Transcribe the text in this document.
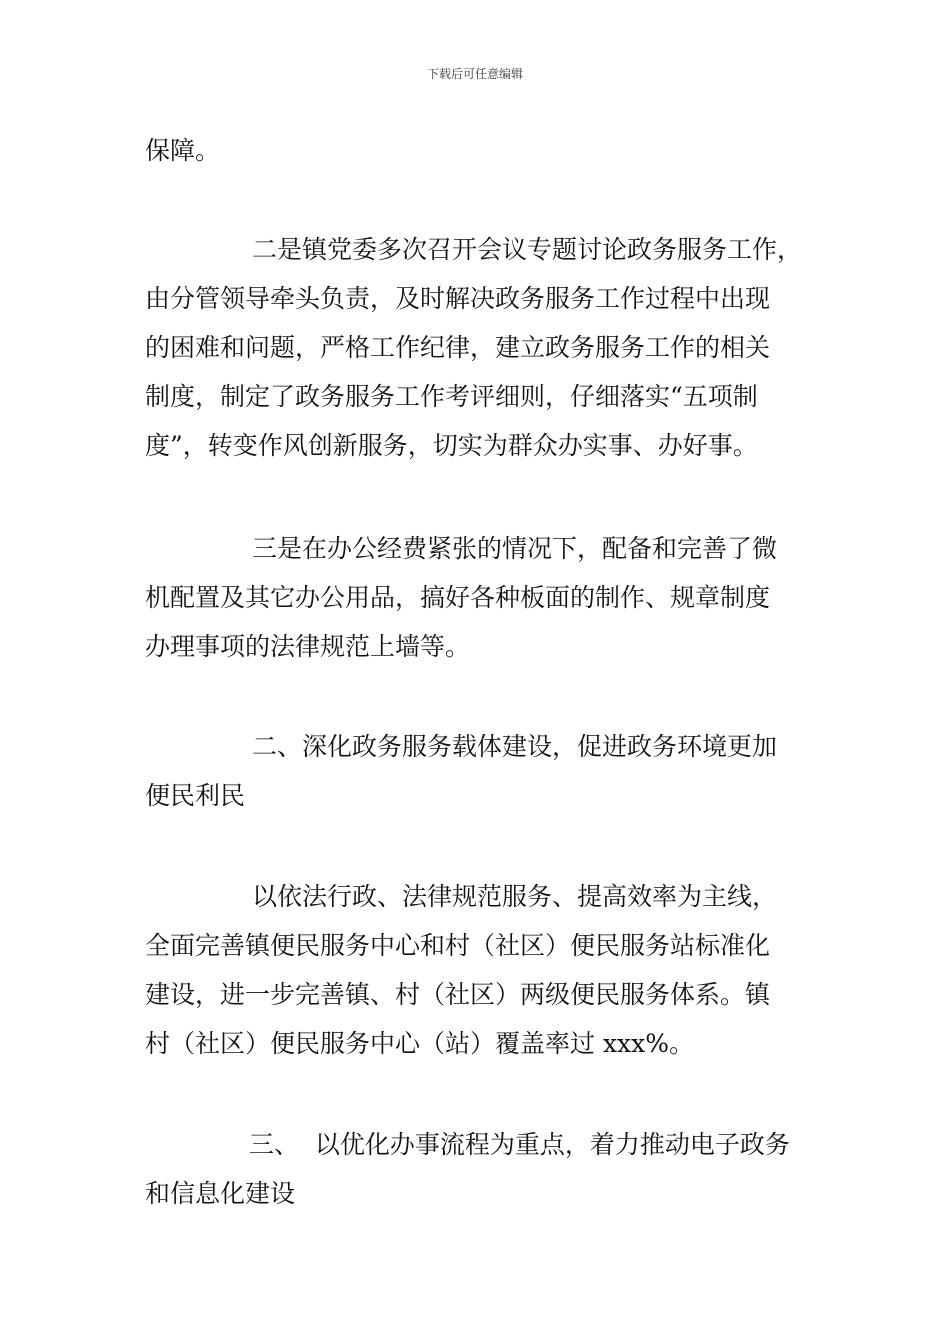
下载后可任意编辑
保障。
二是镇党委多次召开会议专题讨论政务服务工作，
由分管领导牵头负责，及时解决政务服务工作过程中出现
的困难和问题，严格工作纪律，建立政务服务工作的相关
制度，制定了政务服务工作考评细则，仔细落实“五项制
度”，转变作风创新服务，切实为群众办实事、办好事。
三是在办公经费紧张的情况下，配备和完善了微
机配置及其它办公用品，搞好各种板面的制作、规章制度
办理事项的法律规范上墙等。
二、深化政务服务载体建设，促进政务环境更加
便民利民
以依法行政、法律规范服务、提高效率为主线，
全面完善镇便民服务中心和村（社区）便民服务站标准化
建设，进一步完善镇、村（社区）两级便民服务体系。镇
村（社区）便民服务中心（站）覆盖率过 xxx%。
三、  以优化办事流程为重点，着力推动电子政务
和信息化建设
